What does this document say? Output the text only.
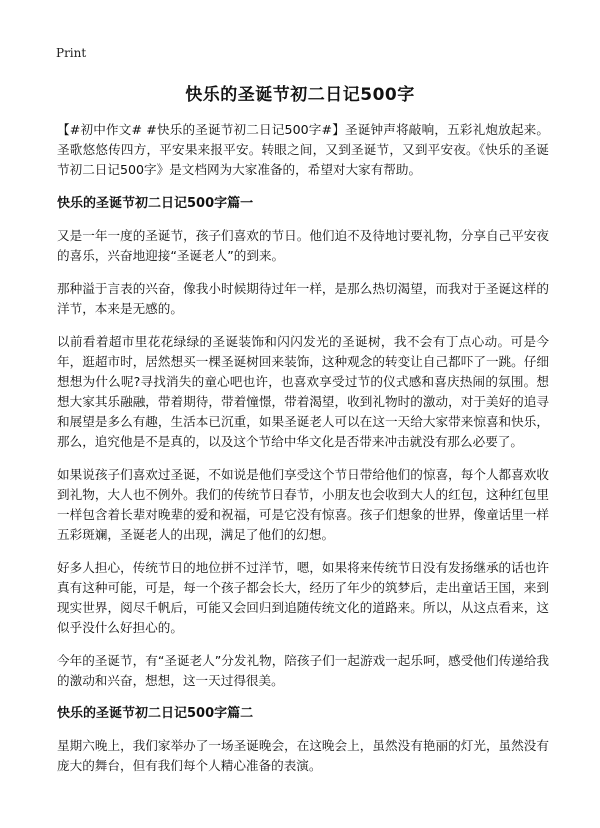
Print
快乐的圣诞节初二日记500字

【#初中作文# #快乐的圣诞节初二日记500字#】圣诞钟声将敲响，五彩礼炮放起来。圣歌悠悠传四方，平安果来报平安。转眼之间，又到圣诞节，又到平安夜。《快乐的圣诞节初二日记500字》是文档网为大家准备的，希望对大家有帮助。

快乐的圣诞节初二日记500字篇一

又是一年一度的圣诞节，孩子们喜欢的节日。他们迫不及待地讨要礼物，分享自己平安夜的喜乐，兴奋地迎接“圣诞老人”的到来。

那种溢于言表的兴奋，像我小时候期待过年一样，是那么热切渴望，而我对于圣诞这样的洋节，本来是无感的。

以前看着超市里花花绿绿的圣诞装饰和闪闪发光的圣诞树，我不会有丁点心动。可是今年，逛超市时，居然想买一棵圣诞树回来装饰，这种观念的转变让自己都吓了一跳。仔细想想为什么呢?寻找消失的童心吧也许，也喜欢享受过节的仪式感和喜庆热闹的氛围。想想大家其乐融融，带着期待，带着憧憬，带着渴望，收到礼物时的激动，对于美好的追寻和展望是多么有趣，生活本已沉重，如果圣诞老人可以在这一天给大家带来惊喜和快乐，那么，追究他是不是真的，以及这个节给中华文化是否带来冲击就没有那么必要了。

如果说孩子们喜欢过圣诞，不如说是他们享受这个节日带给他们的惊喜，每个人都喜欢收到礼物，大人也不例外。我们的传统节日春节，小朋友也会收到大人的红包，这种红包里一样包含着长辈对晚辈的爱和祝福，可是它没有惊喜。孩子们想象的世界，像童话里一样五彩斑斓，圣诞老人的出现，满足了他们的幻想。

好多人担心，传统节日的地位拼不过洋节，嗯，如果将来传统节日没有发扬继承的话也许真有这种可能，可是，每一个孩子都会长大，经历了年少的筑梦后，走出童话王国，来到现实世界，阅尽千帆后，可能又会回归到追随传统文化的道路来。所以，从这点看来，这似乎没什么好担心的。

今年的圣诞节，有“圣诞老人”分发礼物，陪孩子们一起游戏一起乐呵，感受他们传递给我的激动和兴奋，想想，这一天过得很美。

快乐的圣诞节初二日记500字篇二

星期六晚上，我们家举办了一场圣诞晚会，在这晚会上，虽然没有艳丽的灯光，虽然没有庞大的舞台，但有我们每个人精心准备的表演。
